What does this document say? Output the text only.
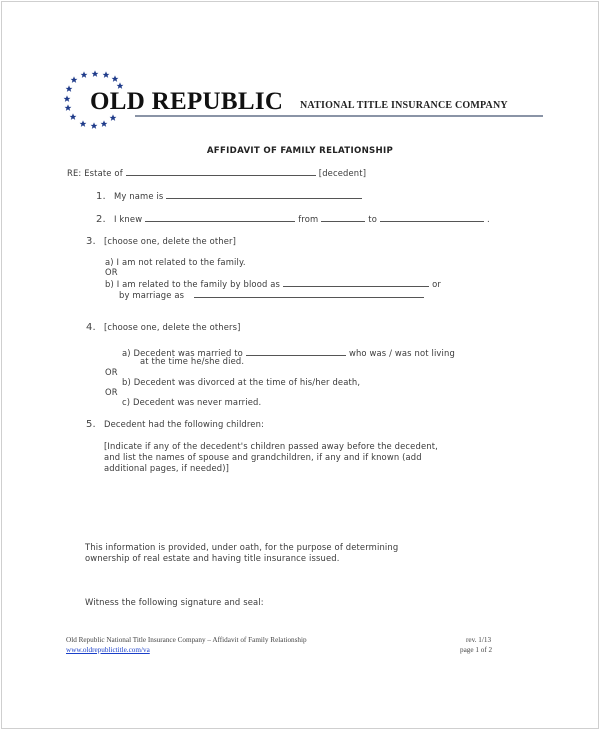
OLD REPUBLIC NATIONAL TITLE INSURANCE COMPANY
AFFIDAVIT OF FAMILY RELATIONSHIP
RE: Estate of	[decedent]
1. My name is
2. I knew	from	to	.
3. [choose one, delete the other]
a) I am not related to the family.
OR
b) I am related to the family by blood as	or
by marriage as
4. [choose one, delete the others]
a) Decedent was married to	who was / was not living
at the time he/she died.
OR
b) Decedent was divorced at the time of his/her death,
OR
c) Decedent was never married.
5. Decedent had the following children:
[Indicate if any of the decedent's children passed away before the decedent,
and list the names of spouse and grandchildren, if any and if known (add
additional pages, if needed)]
This information is provided, under oath, for the purpose of determining
ownership of real estate and having title insurance issued.
Witness the following signature and seal:
Old Republic National Title Insurance Company – Affidavit of Family Relationship
www.oldrepublictitle.com/va
rev. 1/13
page 1 of 2
